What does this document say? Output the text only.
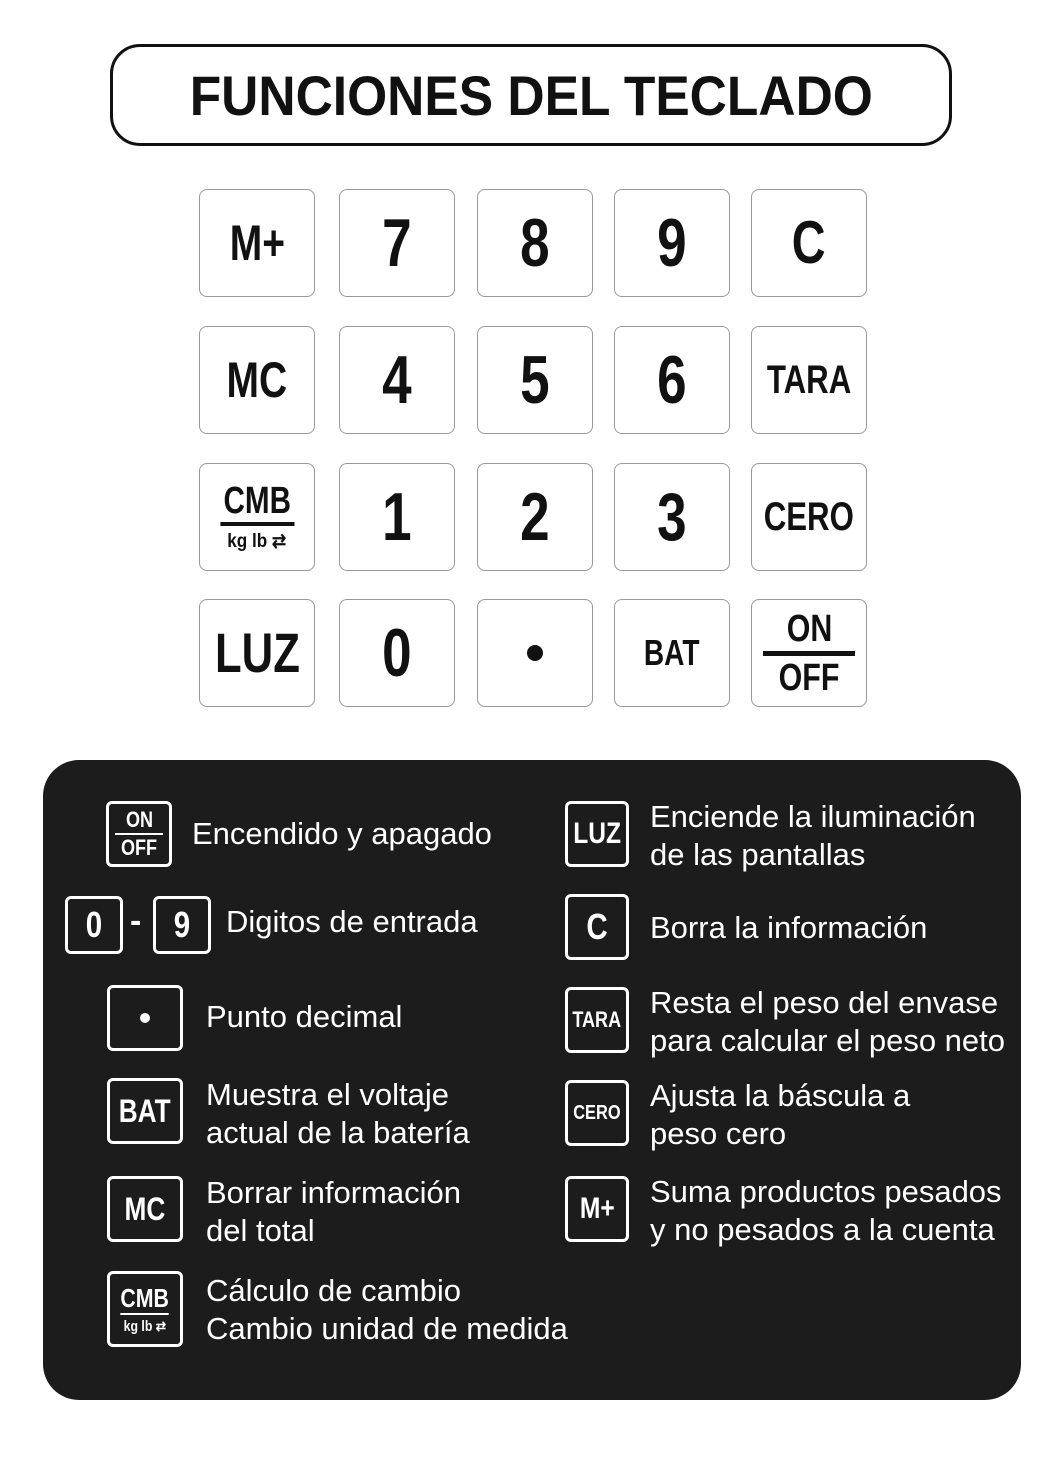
FUNCIONES DEL TECLADO
M+ 7 8 9 C
MC 4 5 6 TARA
CMB
kg lb ⇄ 1 2 3 CERO
LUZ 0	BAT
ON
OFF
ON
OFF Encendido y apagado
0 - 9 Digitos de entrada
Punto decimal
BAT Muestra el voltaje
actual de la batería
MC Borrar información
del total
CMB
kg lb ⇄
Cálculo de cambio
Cambio unidad de medida
LUZ Enciende la iluminación
de las pantallas
C Borra la información
TARA Resta el peso del envase
para calcular el peso neto
CERO Ajusta la báscula a
peso cero
M+ Suma productos pesados
y no pesados a la cuenta
